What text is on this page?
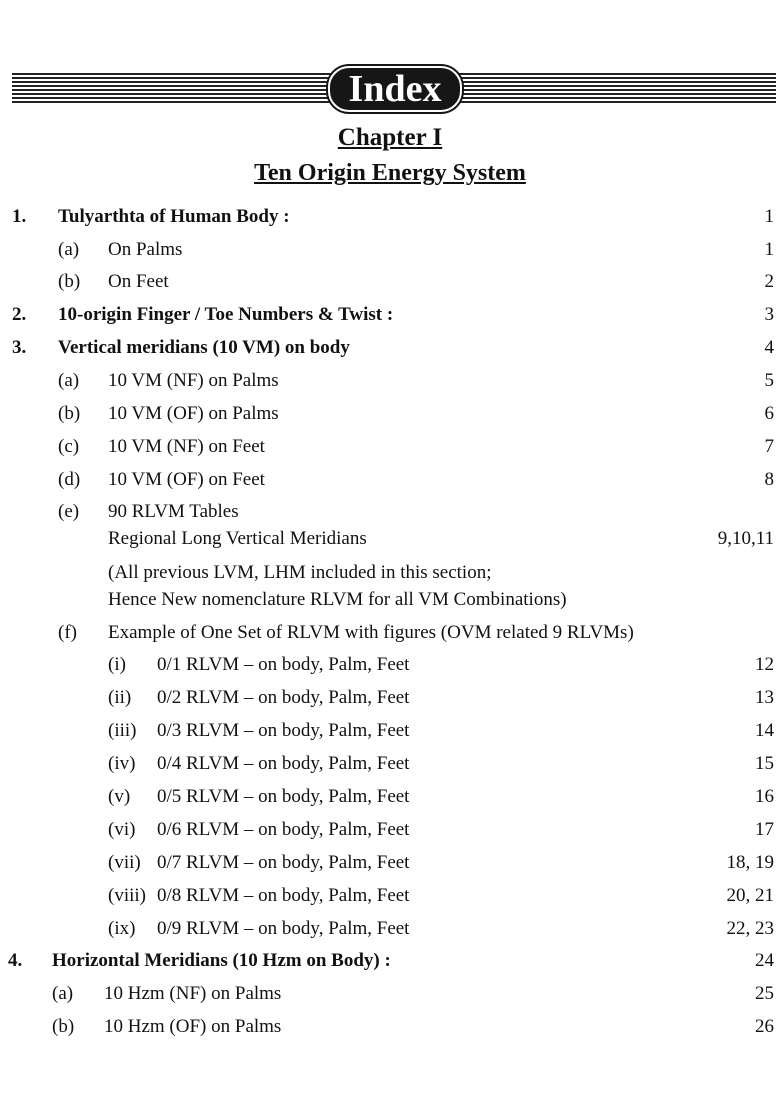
Index
Chapter I
Ten Origin Energy System
1. Tulyarthta of Human Body :	1
(a) On Palms	1
(b) On Feet	2
2. 10-origin Finger / Toe Numbers & Twist :	3
3. Vertical meridians (10 VM) on body	4
(a) 10 VM (NF) on Palms	5
(b) 10 VM (OF) on Palms	6
(c) 10 VM (NF) on Feet	7
(d) 10 VM (OF) on Feet	8
(e) 90 RLVM Tables
Regional Long Vertical Meridians	9,10,11
(All previous LVM, LHM included in this section;
Hence New nomenclature RLVM for all VM Combinations)
(f) Example of One Set of RLVM with figures (OVM related 9 RLVMs)
(i) 0/1 RLVM – on body, Palm, Feet	12
(ii) 0/2 RLVM – on body, Palm, Feet	13
(iii) 0/3 RLVM – on body, Palm, Feet	14
(iv) 0/4 RLVM – on body, Palm, Feet	15
(v) 0/5 RLVM – on body, Palm, Feet	16
(vi) 0/6 RLVM – on body, Palm, Feet	17
(vii) 0/7 RLVM – on body, Palm, Feet	18, 19
(viii) 0/8 RLVM – on body, Palm, Feet	20, 21
(ix) 0/9 RLVM – on body, Palm, Feet	22, 23
4. Horizontal Meridians (10 Hzm on Body) :	24
(a) 10 Hzm (NF) on Palms	25
(b) 10 Hzm (OF) on Palms	26
